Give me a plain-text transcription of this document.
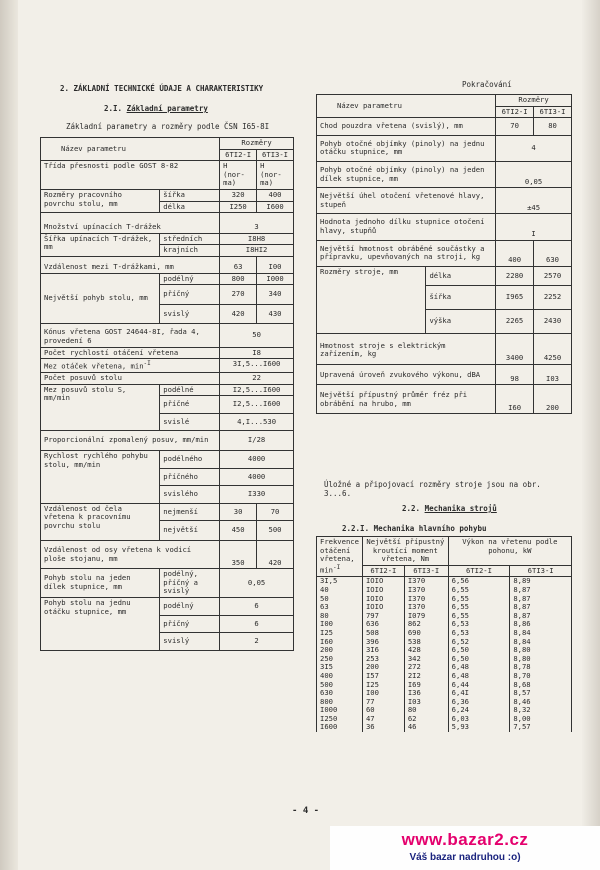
2. ZÁKLADNÍ TECHNICKÉ ÚDAJE A CHARAKTERISTIKY
2.I. Základní parametry
Základní parametry a rozměry podle ČSN I65-8I
Název parametru		Rozměry	
		6TI2-I	6TI3-I
Třída přesnosti podle GOST 8-82		H (nor-ma)	H (nor-ma)
Rozměry pracovního povrchu stolu, mm	šířka	320	400
	délka	I250	I600
Množství upínacích T-drážek		3	
Šířka upínacích T-drážek, mm	středních	I8H8	
	krajních	I8HI2	
Vzdálenost mezi T-drážkami, mm		63	I00
Největší pohyb stolu, mm	podélný	800	I000
	příčný	270	340
	svislý	420	430
Kónus vřetena GOST 24644-8I, řada 4, provedení 6		50	
Počet rychlostí otáčení vřetena		I8	
Mez otáček vřetena, $\min^{-I}$		3I,5...I600	
Počet posuvů stolu		22	
Mez posuvů stolu S, mm/min	podélné	I2,5...I600	
	příčné	I2,5...I600	
	svislé	4,I...530	
Proporcionální zpomalený posuv, mm/min		I/28	
Rychlost rychlého pohybu stolu, mm/min	podélného	4000	
	příčného	4000	
	svislého	I330	
Vzdálenost od čela vřetena k pracovnímu povrchu stolu	nejmenší	30	70
	největší	450	500
Vzdálenost od osy vřetena k vodicí ploše stojanu, mm		350	420
Pohyb stolu na jeden dílek stupnice, mm	podélný, příčný a svislý	0,05	
Pohyb stolu na jednu otáčku stupnice, mm	podélný	6	
	příčný	6	
	svislý	2	
Pokračování
Název parametru		Rozměry	
		6TI2-I	6TI3-I
Chod pouzdra vřetena (svislý), mm		70	80
Pohyb otočné objímky (pinoly) na jednu otáčku stupnice, mm		4	
Pohyb otočné objímky (pinoly) na jeden dílek stupnice, mm		0,05	
Největší úhel otočení vřetenové hlavy, stupeň		±45	
Hodnota jednoho dílku stupnice otočení hlavy, stupňů		I	
Největší hmotnost obráběné součástky a přípravku, upevňovaných na stroji, kg		400	630
Rozměry stroje, mm	délka	2280	2570
	šířka	I965	2252
	výška	2265	2430
Hmotnost stroje s elektrickým zařízením, kg		3400	4250
Upravená úroveň zvukového výkonu, dBA		98	I03
Největší přípustný průměr fréz při obrábění na hrubo, mm		I60	200
Úložné a připojovací rozměry stroje jsou na obr. 3...6.
2.2. Mechanika strojů
2.2.I. Mechanika hlavního pohybu
Frekvence otáčení vřetena, $\min^{-I}$	Největší přípustný kroutící moment vřetena, Nm		Výkon na vřetenu podle pohonu, kW	
	6TI2-I	6TI3-I	6TI2-I	6TI3-I
3I,5	IOIO	I370	6,56	8,89
40	IOIO	I370	6,55	8,87
50	IOIO	I370	6,55	8,87
63	IOIO	I370	6,55	8,87
80	797	I079	6,55	8,87
I00	636	862	6,53	8,86
I25	508	690	6,53	8,84
I60	396	538	6,52	8,84
200	3I6	428	6,50	8,80
250	253	342	6,50	8,80
3I5	200	272	6,48	8,78
400	I57	2I2	6,48	8,70
500	I25	I69	6,44	8,68
630	I00	I36	6,4I	8,57
800	77	I03	6,36	8,46
I000	60	80	6,24	8,32
I250	47	62	6,03	8,00
I600	36	46	5,93	7,57
- 4 -
www.bazar2.cz
Váš bazar nadruhou :o)
